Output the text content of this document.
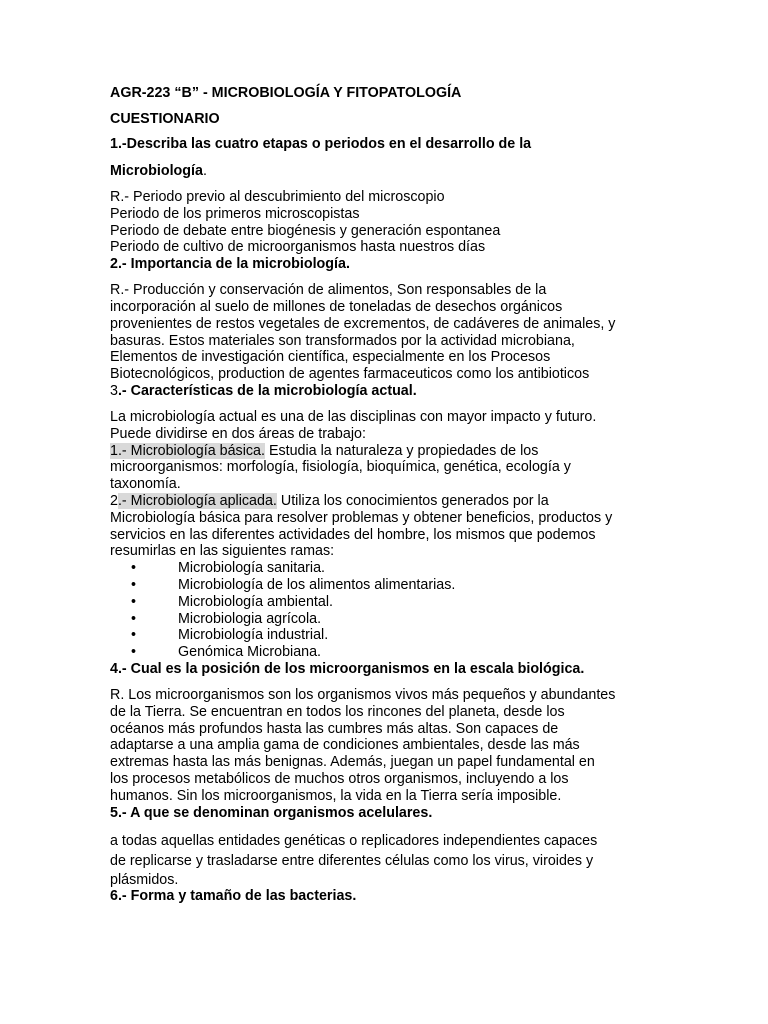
AGR-223 “B” - MICROBIOLOGÍA Y FITOPATOLOGÍA

CUESTIONARIO

1.-Describa las cuatro etapas o periodos en el desarrollo de la

Microbiología.

R.- Periodo previo al descubrimiento del microscopio

Periodo de los primeros microscopistas

Periodo de debate entre biogénesis y generación espontanea

Periodo de cultivo de microorganismos hasta nuestros días

2.- Importancia de la microbiología.

R.- Producción y conservación de alimentos, Son responsables de la

incorporación al suelo de millones de toneladas de desechos orgánicos

provenientes de restos vegetales de excrementos, de cadáveres de animales, y

basuras. Estos materiales son transformados por la actividad microbiana,

Elementos de investigación científica, especialmente en los Procesos

Biotecnológicos, production de agentes farmaceuticos como los antibioticos

3.- Características de la microbiología actual.

La microbiología actual es una de las disciplinas con mayor impacto y futuro.

Puede dividirse en dos áreas de trabajo:

1.- Microbiología básica. Estudia la naturaleza y propiedades de los

microorganismos: morfología, fisiología, bioquímica, genética, ecología y

taxonomía.

2.- Microbiología aplicada. Utiliza los conocimientos generados por la

Microbiología básica para resolver problemas y obtener beneficios, productos y

servicios en las diferentes actividades del hombre, los mismos que podemos

resumirlas en las siguientes ramas:

•	Microbiología sanitaria.
•	Microbiología de los alimentos alimentarias.
•	Microbiología ambiental.
•	Microbiologia agrícola.
•	Microbiología industrial.
•	Genómica Microbiana.

4.- Cual es la posición de los microorganismos en la escala biológica.

R. Los microorganismos son los organismos vivos más pequeños y abundantes

de la Tierra. Se encuentran en todos los rincones del planeta, desde los

océanos más profundos hasta las cumbres más altas. Son capaces de

adaptarse a una amplia gama de condiciones ambientales, desde las más

extremas hasta las más benignas. Además, juegan un papel fundamental en

los procesos metabólicos de muchos otros organismos, incluyendo a los

humanos. Sin los microorganismos, la vida en la Tierra sería imposible.

5.- A que se denominan organismos acelulares.

a todas aquellas entidades genéticas o replicadores independientes capaces

de replicarse y trasladarse entre diferentes células como los virus, viroides y

plásmidos.

6.- Forma y tamaño de las bacterias.
